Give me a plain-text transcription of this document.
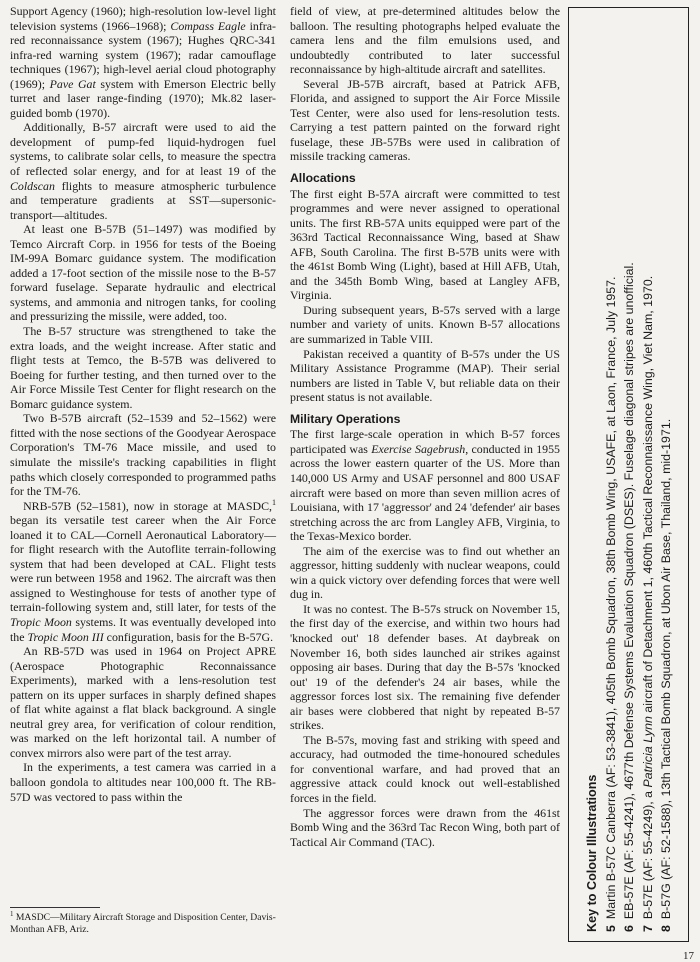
Support Agency (1960); high-resolution low-level light television systems (1966–1968); Compass Eagle infra-red reconnaissance system (1967); Hughes QRC-341 infra-red warning system (1967); radar camouflage techniques (1967); high-level aerial cloud photography (1969); Pave Gat system with Emerson Electric belly turret and laser range-finding (1970); Mk.82 laser-guided bomb (1970).

Additionally, B-57 aircraft were used to aid the development of pump-fed liquid-hydrogen fuel systems, to calibrate solar cells, to measure the spectra of reflected solar energy, and for at least 19 of the Coldscan flights to measure atmospheric turbulence and temperature gradients at SST—supersonic-transport—altitudes.

At least one B-57B (51–1497) was modified by Temco Aircraft Corp. in 1956 for tests of the Boeing IM-99A Bomarc guidance system. The modification added a 17-foot section of the missile nose to the B-57 forward fuselage. Separate hydraulic and electrical systems, and ammonia and nitrogen tanks, for cooling and pressurizing the missile, were added, too.

The B-57 structure was strengthened to take the extra loads, and the weight increase. After static and flight tests at Temco, the B-57B was delivered to Boeing for further testing, and then turned over to the Air Force Missile Test Center for flight research on the Bomarc guidance system.

Two B-57B aircraft (52–1539 and 52–1562) were fitted with the nose sections of the Goodyear Aerospace Corporation's TM-76 Mace missile, and used to simulate the missile's tracking capabilities in flight paths which closely corresponded to programmed paths for the TM-76.

NRB-57B (52–1581), now in storage at MASDC,$^1$ began its versatile test career when the Air Force loaned it to CAL—Cornell Aeronautical Laboratory—for flight research with the Autoflite terrain-following system that had been developed at CAL. Flight tests were run between 1958 and 1962. The aircraft was then assigned to Westinghouse for tests of another type of terrain-following system and, still later, for tests of the Tropic Moon systems. It was eventually developed into the Tropic Moon III configuration, basis for the B-57G.

An RB-57D was used in 1964 on Project APRE (Aerospace Photographic Reconnaissance Experiments), marked with a lens-resolution test pattern on its upper surfaces in sharply defined shapes of flat white against a flat black background. A single neutral grey area, for verification of colour rendition, was marked on the left horizontal tail. A number of convex mirrors also were part of the test array.

In the experiments, a test camera was carried in a balloon gondola to altitudes near 100,000 ft. The RB-57D was vectored to pass within the

$^1$ MASDC—Military Aircraft Storage and Disposition Center, Davis-Monthan AFB, Ariz.

field of view, at pre-determined altitudes below the balloon. The resulting photographs helped evaluate the camera lens and the film emulsions used, and undoubtedly contributed to later successful reconnaissance by high-altitude aircraft and satellites.

Several JB-57B aircraft, based at Patrick AFB, Florida, and assigned to support the Air Force Missile Test Center, were also used for lens-resolution tests. Carrying a test pattern painted on the forward right fuselage, these JB-57Bs were used in calibration of missile tracking cameras.

Allocations

The first eight B-57A aircraft were committed to test programmes and were never assigned to operational units. The first RB-57A units equipped were part of the 363rd Tactical Reconnaissance Wing, based at Shaw AFB, South Carolina. The first B-57B units were with the 461st Bomb Wing (Light), based at Hill AFB, Utah, and the 345th Bomb Wing, based at Langley AFB, Virginia.

During subsequent years, B-57s served with a large number and variety of units. Known B-57 allocations are summarized in Table VIII.

Pakistan received a quantity of B-57s under the US Military Assistance Programme (MAP). Their serial numbers are listed in Table V, but reliable data on their present status is not available.

Military Operations

The first large-scale operation in which B-57 forces participated was Exercise Sagebrush, conducted in 1955 across the lower eastern quarter of the US. More than 140,000 US Army and USAF personnel and 800 USAF aircraft were based on more than seven million acres of Louisiana, with 17 'aggressor' and 24 'defender' air bases stretching across the arc from Langley AFB, Virginia, to the Texas-Mexico border.

The aim of the exercise was to find out whether an aggressor, hitting suddenly with nuclear weapons, could win a quick victory over defending forces that were well dug in.

It was no contest. The B-57s struck on November 15, the first day of the exercise, and within two hours had 'knocked out' 18 defender bases. At daybreak on November 16, both sides launched air strikes against opposing air bases. During that day the B-57s 'knocked out' 19 of the defender's 24 air bases, while the aggressor forces lost six. The remaining five defender air bases were clobbered that night by repeated B-57 strikes.

The B-57s, moving fast and striking with speed and accuracy, had outmoded the time-honoured schedules for conventional warfare, and had proved that an aggressive attack could knock out well-established forces in the field.

The aggressor forces were drawn from the 461st Bomb Wing and the 363rd Tac Recon Wing, both part of Tactical Air Command (TAC).	Key to Colour Illustrations 5Martin B-57C Canberra (AF: 53-3841), 405th Bomb Squadron, 38th Bomb Wing, USAFE, at Laon, France, July 1957.
6EB-57E (AF: 55-4241), 4677th Defense Systems Evaluation Squadron (DSES). Fuselage diagonal stripes are unofficial.
7B-57E (AF: 55-4249), a Patricia Lynn aircraft of Detachment 1, 460th Tactical Reconnaissance Wing, Viet Nam, 1970.
8B-57G (AF: 52-1588), 13th Tactical Bomb Squadron, at Ubon Air Base, Thailand, mid-1971.
17
